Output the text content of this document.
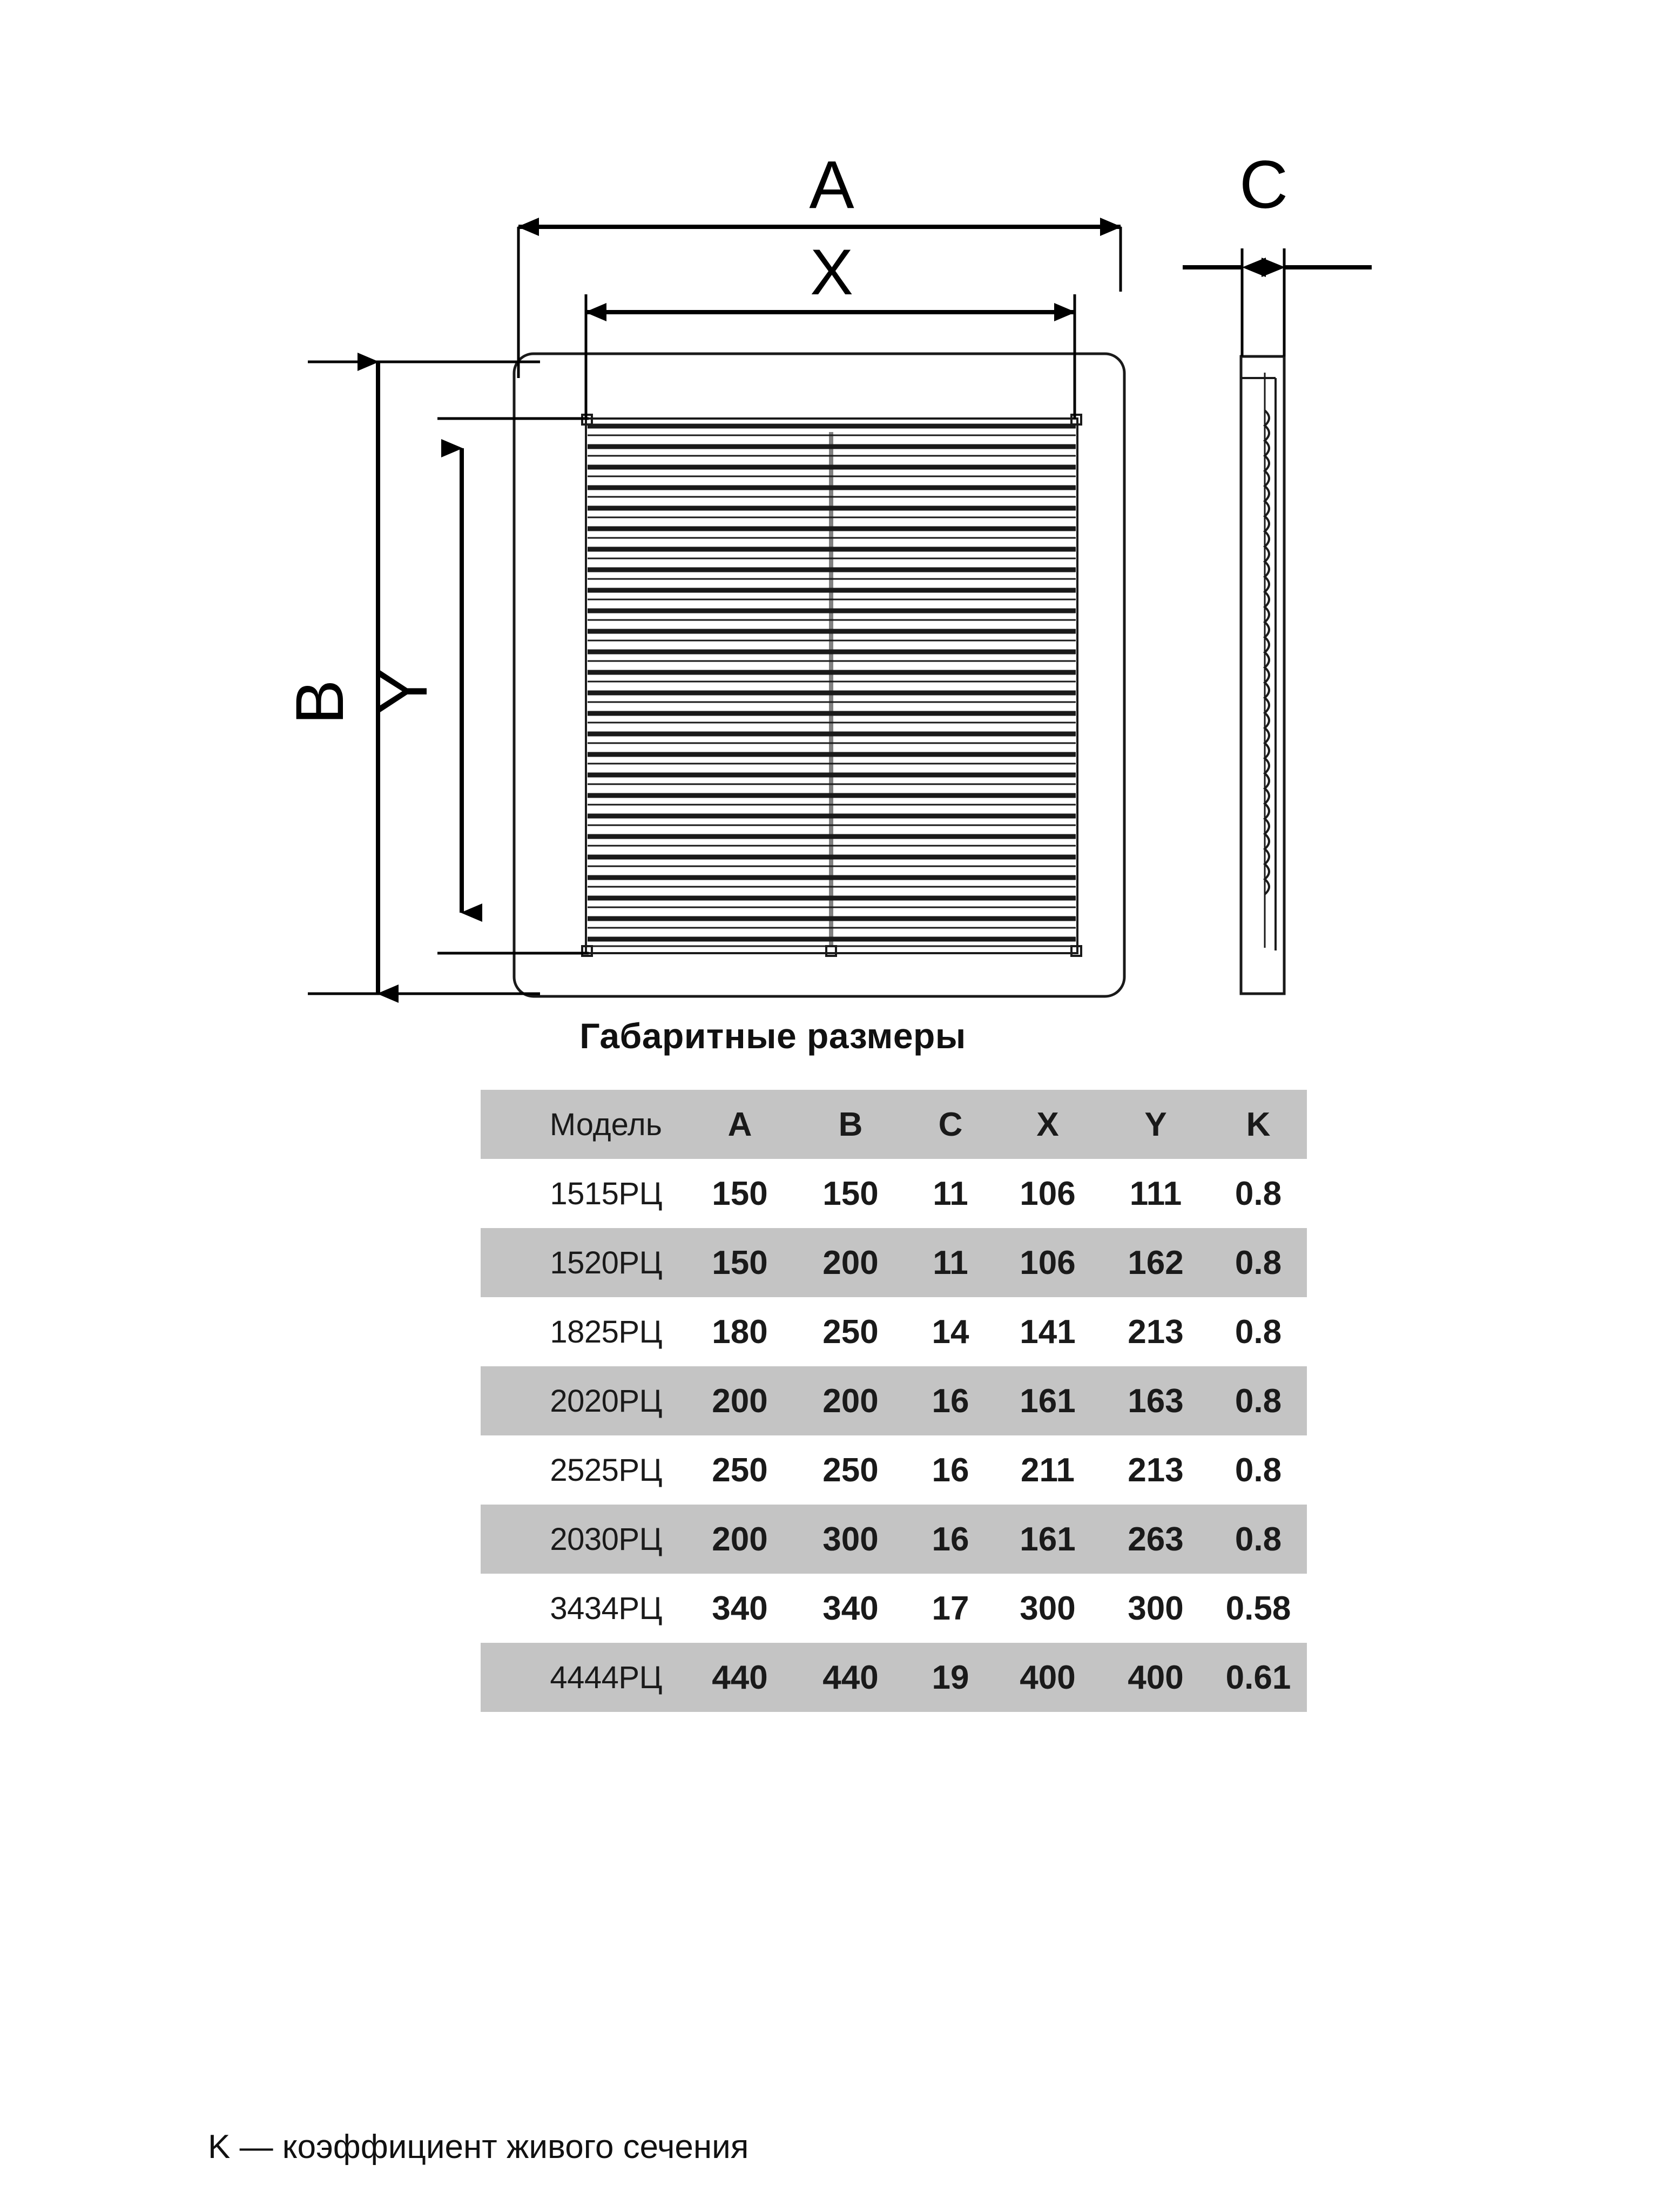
A
X
C
B Y
Габаритные размеры
Модель	A	B	C	X	Y	K
1515РЦ	150	150	11	106	111	0.8
1520РЦ	150	200	11	106	162	0.8
1825РЦ	180	250	14	141	213	0.8
2020РЦ	200	200	16	161	163	0.8
2525РЦ	250	250	16	211	213	0.8
2030РЦ	200	300	16	161	263	0.8
3434РЦ	340	340	17	300	300	0.58
4444РЦ	440	440	19	400	400	0.61
K — коэффициент живого сечения
